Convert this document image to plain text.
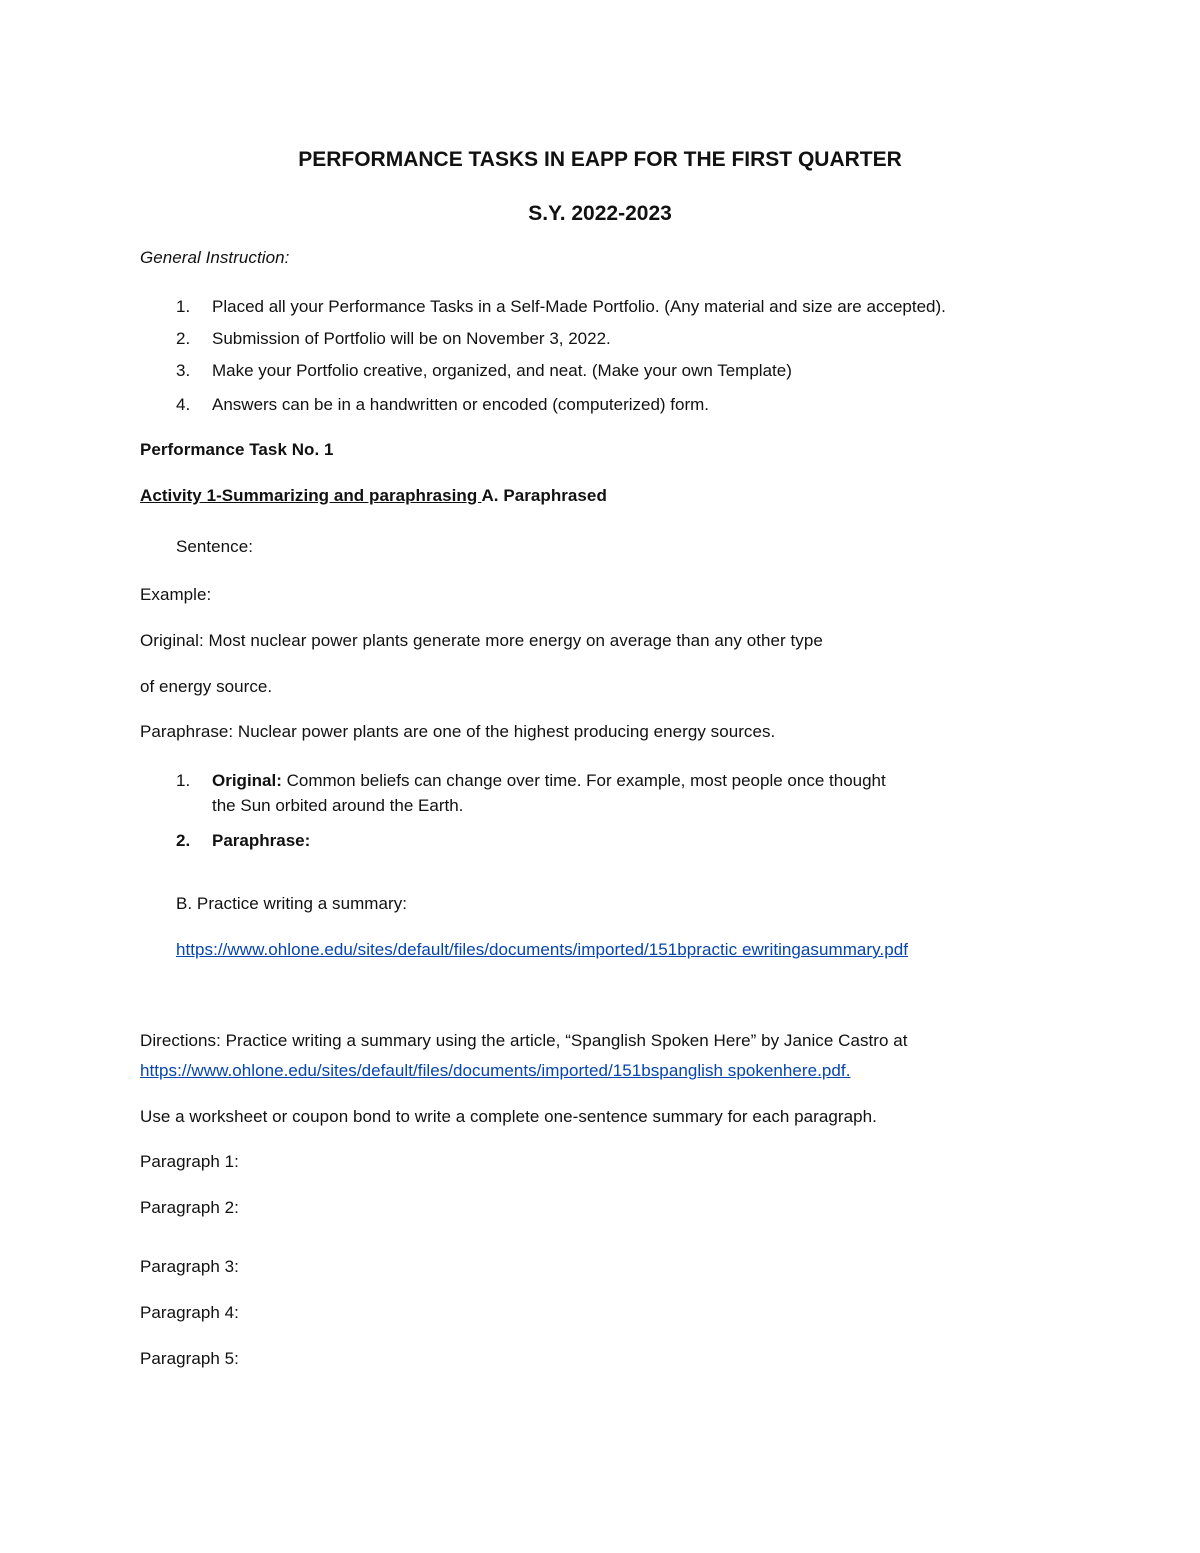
PERFORMANCE TASKS IN EAPP FOR THE FIRST QUARTER
S.Y. 2022-2023
General Instruction:
1. Placed all your Performance Tasks in a Self-Made Portfolio. (Any material and size are accepted).
2. Submission of Portfolio will be on November 3, 2022.
3. Make your Portfolio creative, organized, and neat. (Make your own Template)
4. Answers can be in a handwritten or encoded (computerized) form.
Performance Task No. 1
Activity 1-Summarizing and paraphrasing A. Paraphrased
Sentence:
Example:
Original: Most nuclear power plants generate more energy on average than any other type
of energy source.
Paraphrase: Nuclear power plants are one of the highest producing energy sources.
1. Original: Common beliefs can change over time. For example, most people once thought
the Sun orbited around the Earth.
2. Paraphrase:
B. Practice writing a summary:
https://www.ohlone.edu/sites/default/files/documents/imported/151bpractic ewritingasummary.pdf
Directions: Practice writing a summary using the article, “Spanglish Spoken Here” by Janice Castro at
https://www.ohlone.edu/sites/default/files/documents/imported/151bspanglish spokenhere.pdf.
Use a worksheet or coupon bond to write a complete one-sentence summary for each paragraph.
Paragraph 1:
Paragraph 2:
Paragraph 3:
Paragraph 4:
Paragraph 5:
